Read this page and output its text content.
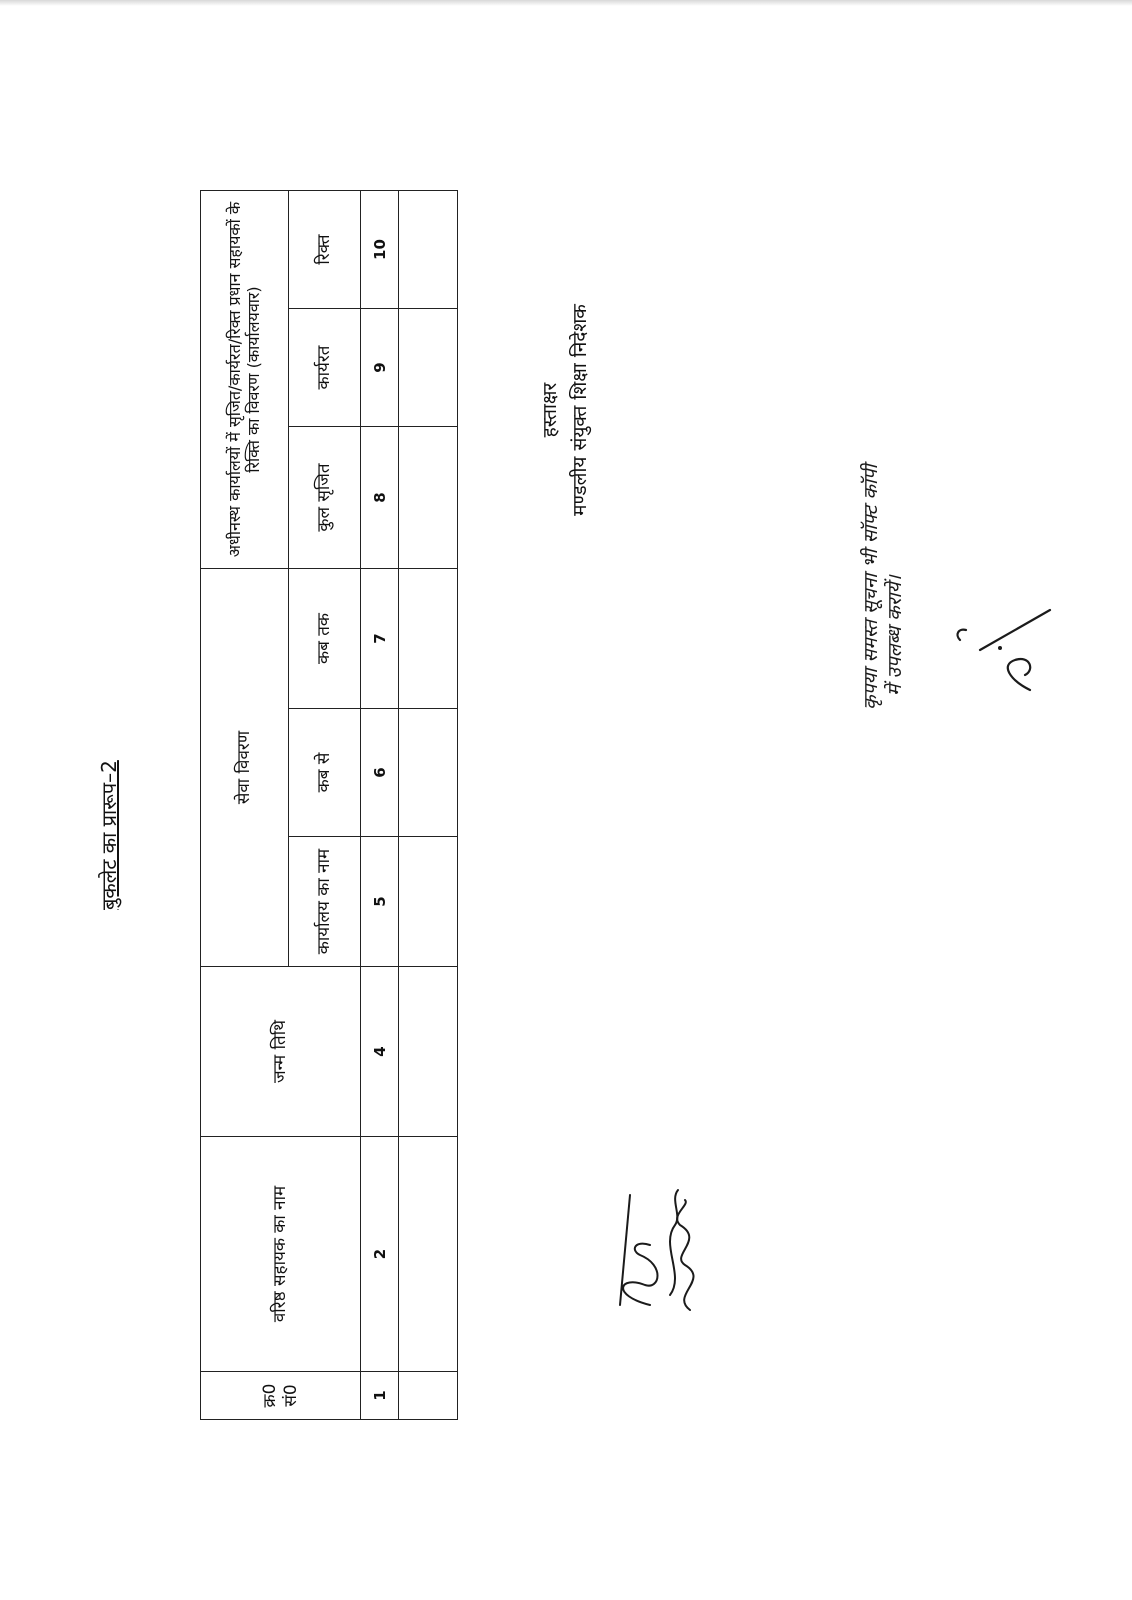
बुकलेट का प्रारूप–2
क्र0 सं0	वरिष्ठ सहायक का नाम	जन्म तिथि	सेवा विवरण			अधीनस्थ कार्यालयों में सृजित/कार्यरत/रिक्त प्रधान सहायकों के रिक्ति का विवरण (कार्यालयवार)		
			कार्यालय का नाम	कब से	कब तक	कुल सृजित	कार्यरत	रिक्त
1	2	4	5	6	7	8	9	10

हस्ताक्षर मण्डलीय संयुक्त शिक्षा निदेशक
कृपया समस्त सूचना भी सॉफ्ट कॉपी में उपलब्ध करायें।
